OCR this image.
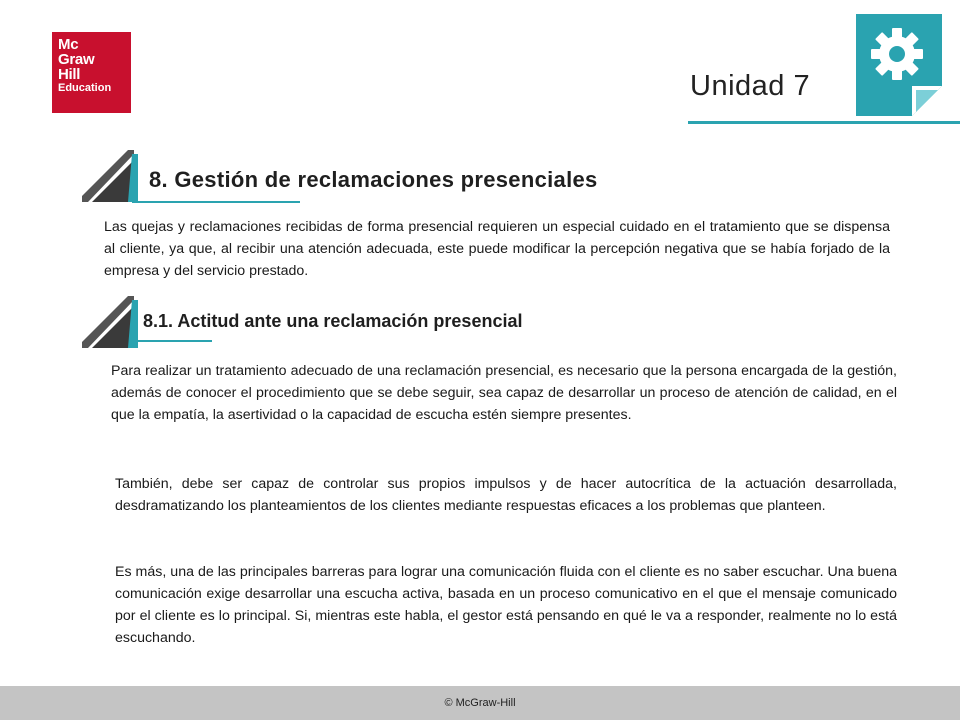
Mc
Graw
Hill
Education	Unidad 7
8. Gestión de reclamaciones presenciales

Las quejas y reclamaciones recibidas de forma presencial requieren un especial cuidado en el tratamiento que se dispensa al cliente, ya que, al recibir una atención adecuada, este puede modificar la percepción negativa que se había forjado de la empresa y del servicio prestado.

8.1. Actitud ante una reclamación presencial

Para realizar un tratamiento adecuado de una reclamación presencial, es necesario que la persona encargada de la gestión, además de conocer el procedimiento que se debe seguir, sea capaz de desarrollar un proceso de atención de calidad, en el que la empatía, la asertividad o la capacidad de escucha estén siempre presentes.

También, debe ser capaz de controlar sus propios impulsos y de hacer autocrítica de la actuación desarrollada, desdramatizando los planteamientos de los clientes mediante respuestas eficaces a los problemas que planteen.

Es más, una de las principales barreras para lograr una comunicación fluida con el cliente es no saber escuchar. Una buena comunicación exige desarrollar una escucha activa, basada en un proceso comunicativo en el que el mensaje comunicado por el cliente es lo principal. Si, mientras este habla, el gestor está pensando en qué le va a responder, realmente no lo está escuchando.

© McGraw-Hill
